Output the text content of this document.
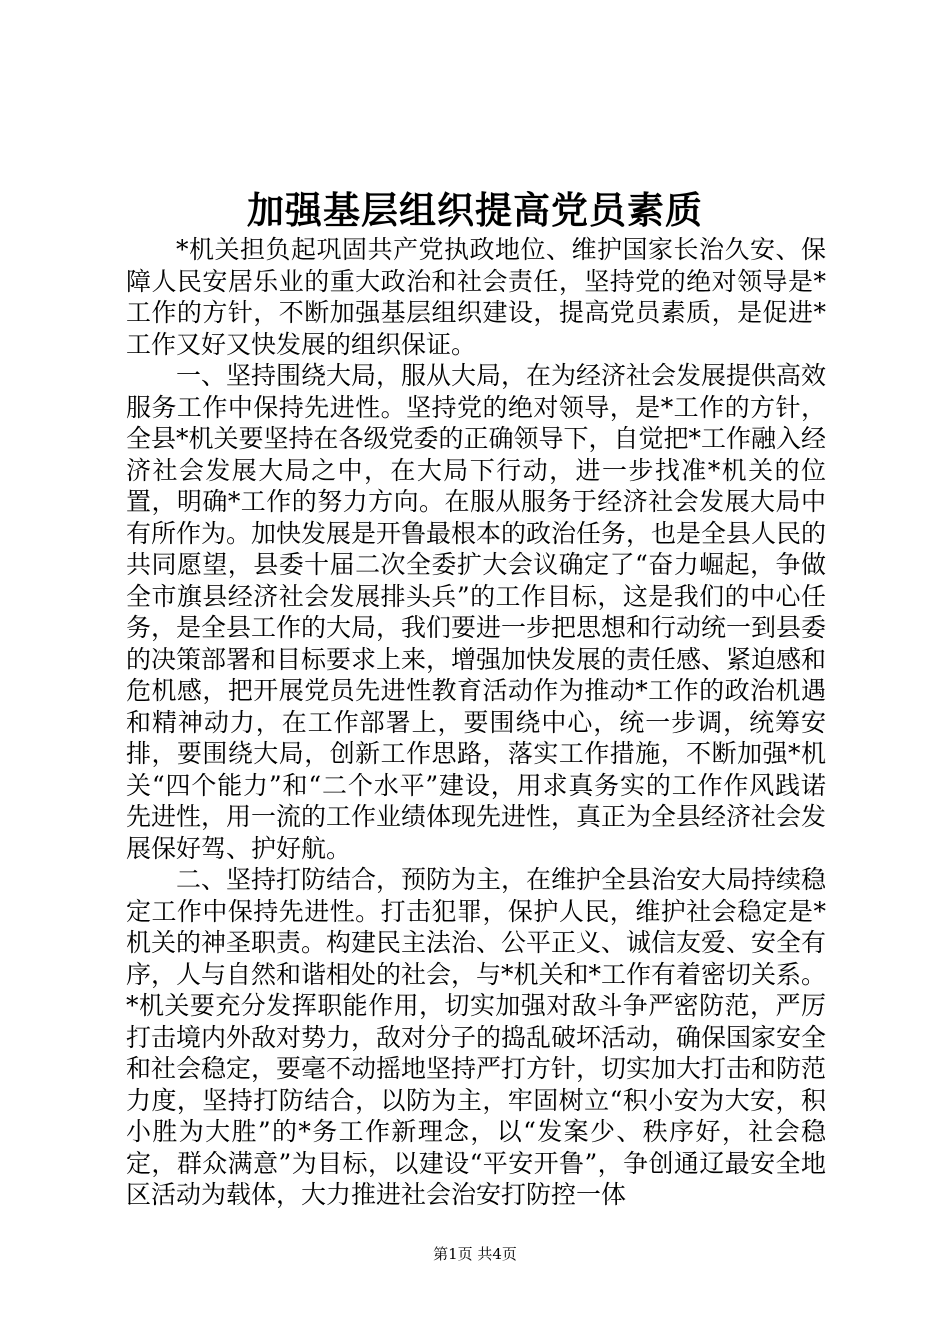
加强基层组织提高党员素质

*机关担负起巩固共产党执政地位、维护国家长治久安、保障人民安居乐业的重大政治和社会责任，坚持党的绝对领导是*工作的方针，不断加强基层组织建设，提高党员素质，是促进*工作又好又快发展的组织保证。

一、坚持围绕大局，服从大局，在为经济社会发展提供高效服务工作中保持先进性。坚持党的绝对领导，是*工作的方针，全县*机关要坚持在各级党委的正确领导下，自觉把*工作融入经济社会发展大局之中，在大局下行动，进一步找准*机关的位置，明确*工作的努力方向。在服从服务于经济社会发展大局中有所作为。加快发展是开鲁最根本的政治任务，也是全县人民的共同愿望，县委十届二次全委扩大会议确定了“奋力崛起，争做全市旗县经济社会发展排头兵”的工作目标，这是我们的中心任务，是全县工作的大局，我们要进一步把思想和行动统一到县委的决策部署和目标要求上来，增强加快发展的责任感、紧迫感和危机感，把开展党员先进性教育活动作为推动*工作的政治机遇和精神动力，在工作部署上，要围绕中心，统一步调，统筹安排，要围绕大局，创新工作思路，落实工作措施，不断加强*机关“四个能力”和“二个水平”建设，用求真务实的工作作风践诺先进性，用一流的工作业绩体现先进性，真正为全县经济社会发展保好驾、护好航。

二、坚持打防结合，预防为主，在维护全县治安大局持续稳定工作中保持先进性。打击犯罪，保护人民，维护社会稳定是*机关的神圣职责。构建民主法治、公平正义、诚信友爱、安全有序，人与自然和谐相处的社会，与*机关和*工作有着密切关系。*机关要充分发挥职能作用，切实加强对敌斗争严密防范，严厉打击境内外敌对势力，敌对分子的捣乱破坏活动，确保国家安全和社会稳定，要毫不动摇地坚持严打方针，切实加大打击和防范力度，坚持打防结合，以防为主，牢固树立“积小安为大安，积小胜为大胜”的*务工作新理念，以“发案少、秩序好，社会稳定，群众满意”为目标，以建设“平安开鲁”，争创通辽最安全地区活动为载体，大力推进社会治安打防控一体

第1页 共4页
